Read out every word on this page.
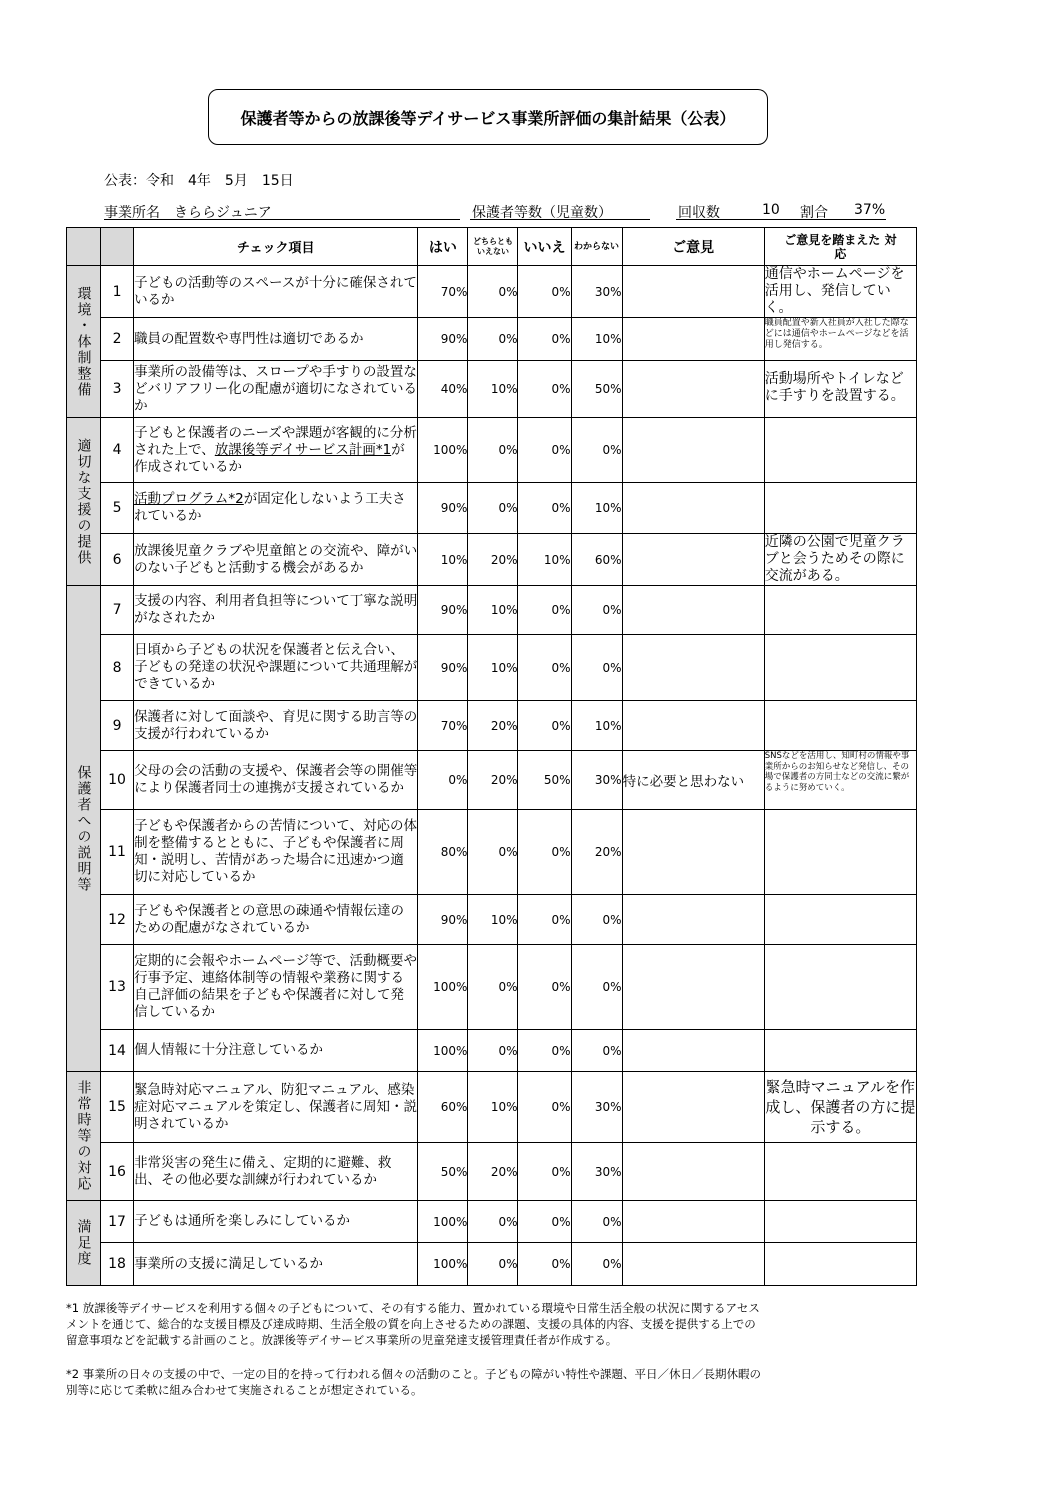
保護者等からの放課後等デイサービス事業所評価の集計結果（公表）
公表：令和　4年　5月　15日
事業所名　きららジュニア	保護者等数（児童数）	回収数	10 割合 37%
		チェック項目	はい	どちらとも いえない	いいえ	わからない	ご意見	ご意見を踏まえた 対応

環境・体制整備	1	子どもの活動等のスペースが十分に確保されているか	70%	0%	0%	30%		通信やホームページを活用し、発信していく。

	2	職員の配置数や専門性は適切であるか	90%	0%	0%	10%		職員配置や新入社員が入社した際などには通信やホームページなどを活用し発信する。

	3	事業所の設備等は、スロープや手すりの設置などバリアフリー化の配慮が適切になされているか	40%	10%	0%	50%		活動場所やトイレなどに手すりを設置する。

適切な支援の提供	4	子どもと保護者のニーズや課題が客観的に分析された上で、放課後等デイサービス計画*1が作成されているか	100%	0%	0%	0%		
	5	活動プログラム*2が固定化しないよう工夫されているか	90%	0%	0%	10%		
	6	放課後児童クラブや児童館との交流や、障がいのない子どもと活動する機会があるか	10%	20%	10%	60%		近隣の公園で児童クラブと会うためその際に交流がある。

保護者への説明等	7	支援の内容、利用者負担等について丁寧な説明がなされたか	90%	10%	0%	0%		
	8	日頃から子どもの状況を保護者と伝え合い、子どもの発達の状況や課題について共通理解ができているか	90%	10%	0%	0%		
	9	保護者に対して面談や、育児に関する助言等の支援が行われているか	70%	20%	0%	10%		
	10	父母の会の活動の支援や、保護者会等の開催等により保護者同士の連携が支援されているか	0%	20%	50%	30%	特に必要と思わない	SNSなどを活用し、知町村の情報や事業所からのお知らせなど発信し、その場で保護者の方同士などの交流に繋がるように努めていく。

	11	子どもや保護者からの苦情について、対応の体制を整備するとともに、子どもや保護者に周知・説明し、苦情があった場合に迅速かつ適切に対応しているか	80%	0%	0%	20%		
	12	子どもや保護者との意思の疎通や情報伝達のための配慮がなされているか	90%	10%	0%	0%		
	13	定期的に会報やホームページ等で、活動概要や行事予定、連絡体制等の情報や業務に関する自己評価の結果を子どもや保護者に対して発信しているか	100%	0%	0%	0%		
	14	個人情報に十分注意しているか	100%	0%	0%	0%		
非常時等の対応	15	緊急時対応マニュアル、防犯マニュアル、感染症対応マニュアルを策定し、保護者に周知・説明されているか	60%	10%	0%	30%		緊急時マニュアルを作成し、保護者の方に提示する。

	16	非常災害の発生に備え、定期的に避難、救出、その他必要な訓練が行われているか	50%	20%	0%	30%		
満足度	17	子どもは通所を楽しみにしているか	100%	0%	0%	0%		
	18	事業所の支援に満足しているか	100%	0%	0%	0%		
*1 放課後等デイサービスを利用する個々の子どもについて、その有する能力、置かれている環境や日常生活全般の状況に関するアセスメントを通じて、総合的な支援目標及び達成時期、生活全般の質を向上させるための課題、支援の具体的内容、支援を提供する上での留意事項などを記載する計画のこと。放課後等デイサービス事業所の児童発達支援管理責任者が作成する。
*2 事業所の日々の支援の中で、一定の目的を持って行われる個々の活動のこと。子どもの障がい特性や課題、平日／休日／長期休暇の別等に応じて柔軟に組み合わせて実施されることが想定されている。
